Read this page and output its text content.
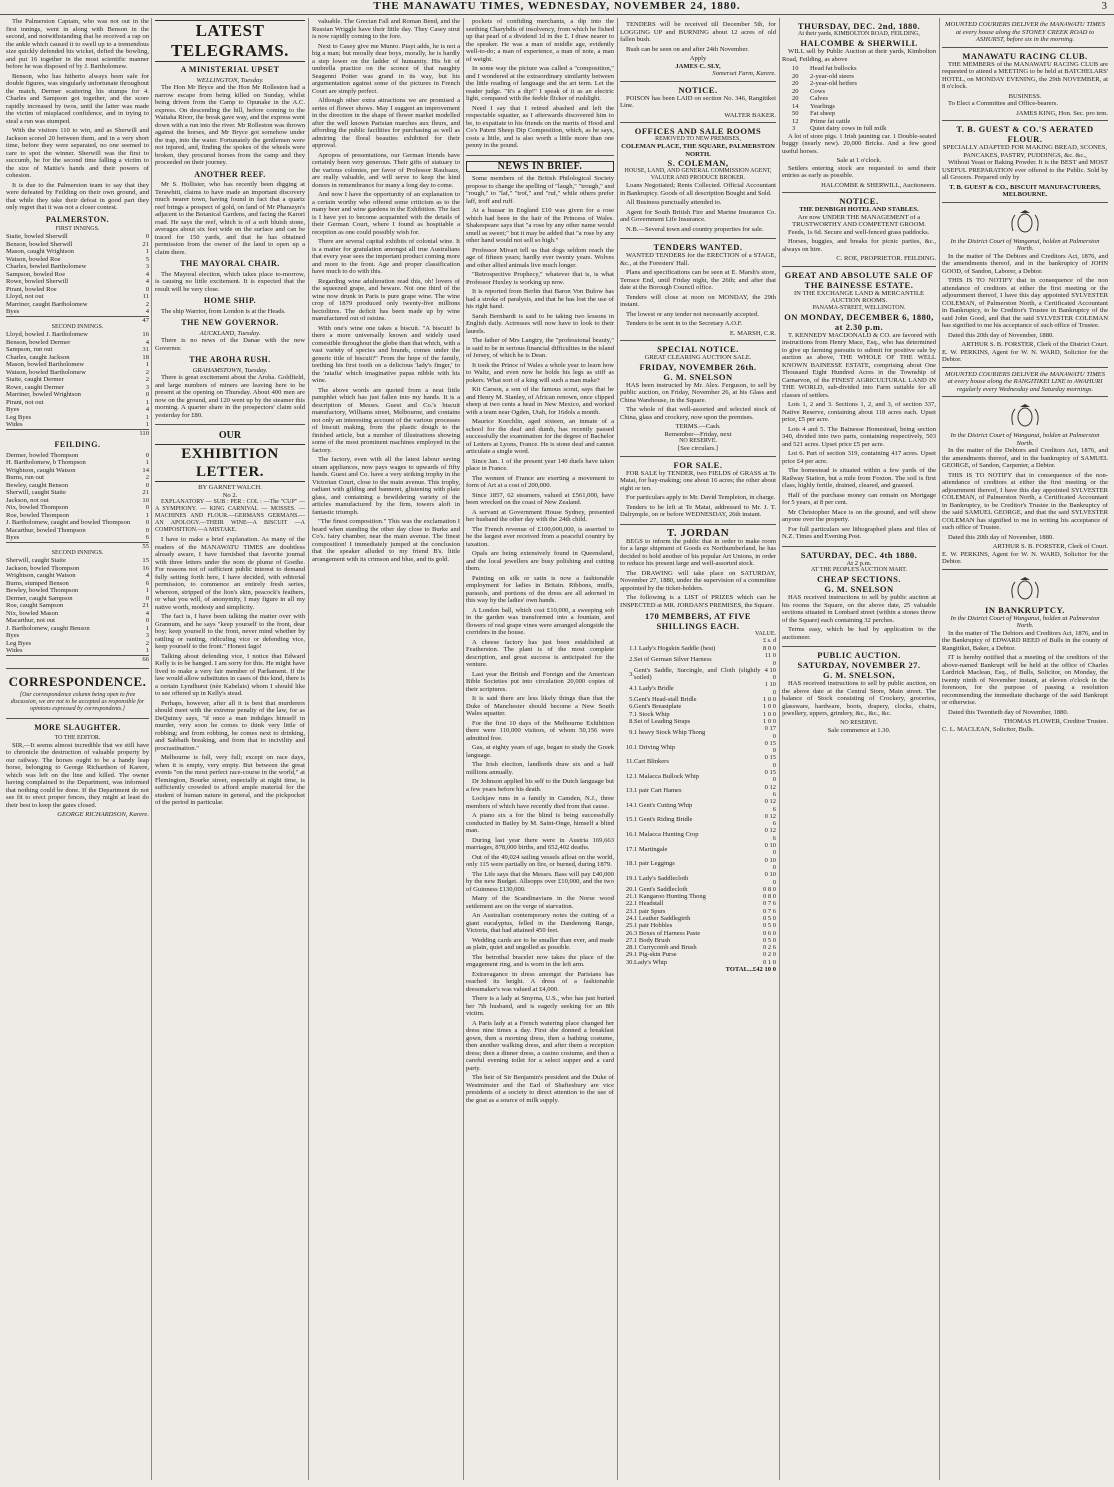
THE MANAWATU TIMES, WEDNESDAY, NOVEMBER 24, 1880.	3

The Palmerston Captain, who was not out in the first innings, went in along with Benson in the second, and notwithstanding that he received a rap on the ankle which caused it to swell up to a tremendous size quickly defended his wicket, defied the bowling, and put 16 together in the most scientific manner before he was disposed of by J. Bartholomew.

Benson, who has hitherto always been safe for double figures, was singularly unfortunate throughout the match, Dermer scattering his stumps for 4. Charles and Sampson got together, and the score rapidly increased by twos, until the latter was made the victim of misplaced confidence, and in trying to steal a run was stumped.

With the visitors 110 to win, and as Sherwill and Jackson scored 20 between them, and in a very short time, before they were separated, no one seemed to care to spot the winner. Sherwill was the first to succumb, he for the second time falling a victim to the size of Mattie's hands and their powers of cohesion.

It is due to the Palmerston team to say that they were defeated by Feilding on their own ground, and that while they take their defeat in good part they only regret that it was not a closer contest.

PALMERSTON.
FIRST INNINGS.
Staite, bowled Sherwill	0
Benson, bowled Sherwill	21
Mason, caught Wrightson	1
Watson, bowled Roe	5
Charles, bowled Bartholomew	3
Sampson, bowled Roe	4
Rowe, bowled Sherwill	4
Pirani, bowled Roe	0
Lloyd, not out	11
Marriner, caught Bartholomew	2
Byes	4
47
SECOND INNINGS.
Lloyd, bowled J. Bartholomew	16
Benson, bowled Dermer	4
Sampson, run out	31
Charles, caught Jackson	18
Mason, bowled Bartholomew	1
Watson, bowled Bartholomew	2
Staite, caught Dermer	2
Rowe, caught Dermer	3
Marriner, bowled Wrightson	0
Pirani, not out	1
Byes	4
Leg Byes	1
Wides	1
110
FEILDING.
Dermer, bowled Thompson	0
H. Bartholomew, b Thompson	1
Wrightson, caught Watson	14
Burns, run out	2
Bewley, caught Benson	0
Sherwill, caught Staite	21
Jackson, not out	10
Nix, bowled Thompson	0
Roe, bowled Thompson	1
J. Bartholomew, caught and bowled Thompson	0
Macarthur, bowled Thompson	0
Byes	6
55
SECOND INNINGS.
Sherwill, caught Staite	15
Jackson, bowled Thompson	16
Wrightson, caught Watson	4
Burns, stumped Benson	6
Bewley, bowled Thompson	1
Dermer, caught Sampson	0
Roe, caught Sampson	21
Nix, bowled Mason	4
Macarthur, not out	0
J. Bartholomew, caught Benson	1
Byes	3
Leg Byes	2
Wides	1
66
CORRESPONDENCE.
[Our correspondence column being open to free discussion, we are not to be accepted as responsible for opinions expressed by correspondents.]
MORE SLAUGHTER.
TO THE EDITOR.

SIR,—It seems almost incredible that we still have to chronicle the destruction of valuable property by our railway. The horses ought to be a handy leap horse, belonging to George Richardson of Karere, which was left on the line and killed. The owner having complained to the Department, was informed that nothing could be done. If the Department do not see fit to erect proper fences, they might at least do their best to keep the gates closed.

GEORGE RICHARDSON, Karere.
LATEST TELEGRAMS.
A MINISTERIAL UPSET
WELLINGTON, Tuesday.

The Hon Mr Bryce and the Hon Mr Rolleston had a narrow escape from being killed on Sunday, whilst being driven from the Camp to Opunake in the A.C. express. On descending the hill, before coming to the Waitaha River, the break gave way, and the express went down with a run into the river. Mr Rolleston was thrown against the horses, and Mr Bryce got somehow under the trap, into the water. Fortunately the gentlemen were not injured, and, finding the spokes of the wheels were broken, they procured horses from the camp and they proceeded on their journey.

ANOTHER REEF.

Mr S. Hollister, who has recently been digging at Terawhiti, claims to have made an important discovery much nearer town, having found in fact that a quartz reef brings a prospect of gold, on land of Mr Pharazyn's adjacent to the Botanical Gardens, and facing the Karori road. He says the reef, which is of a soft bluish stone, averages about six feet wide on the surface and can be traced for 150 yards, and that he has obtained permission from the owner of the land to open up a claim there.

THE MAYORAL CHAIR.

The Mayoral election, which takes place to-morrow, is causing no little excitement. It is expected that the result will be very close.

HOME SHIP.

The ship Warrior, from London is at the Heads.

THE NEW GOVERNOR.
AUCKLAND, Tuesday.

There is no news of the Danae with the new Governor.

THE AROHA RUSH.
GRAHAMSTOWN, Tuesday.

There is great excitement about the Aroha. Goldfield, and large numbers of miners are leaving here to be present at the opening on Thursday. About 400 men are now on the ground, and 120 went up by the steamer this morning. A quarter share in the prospectors' claim sold yesterday for £80.

OUR
EXHIBITION LETTER.
BY GARNET WALCH.
No 2.

EXPLANATORY — SUB : PER : COL : —The "CUP" — A SYMPHONY. — KING CARNIVAL — MOSSES. — MACHINES AND FLOUR.—GERMANS GERMANS.—AN APOLOGY.—THEIR WINE—A BISCUIT —A COMPOSITION.—A MISTAKE.

I have to make a brief explanation. As many of the readers of the MANAWATU TIMES are doubtless already aware, I have furnished that favorite journal with three letters under the nom de plume of Goethe. For reasons not of sufficient public interest to demand fully setting forth here, I have decided, with editorial permission, to commence an entirely fresh series, whereon, stripped of the lion's skin, peacock's feathers, or what you will, of anonymity, I may figure in all my native worth, modesty and simplicity.

The fact is, I have been talking the matter over with Grannum, and he says "keep yourself to the front, dear boy; keep yourself to the front, never mind whether by rattling or ranting, ridiculing vice or defending vice, keep yourself to the front." Honest Iago!

Talking about defending vice, I notice that Edward Kelly is to be hanged. I am sorry for this. He might have lived to make a very fair member of Parliament. If the law would allow substitutes in cases of this kind, there is a certain Lyndhurst (née Kabelais) whom I should like to see offered up in Kelly's stead.

Perhaps, however, after all it is best that murderers should meet with the extreme penalty of the law, for as DeQuincy says, "if once a man indulges himself in murder, very soon he comes to think very little of robbing; and from robbing, he comes next to drinking, and Sabbath breaking, and from that to incivility and procrastination."

Melbourne is full, very full; except on race days, when it is empty, very empty. But between the great events "on the most perfect race-course in the world," at Flemington, Bourke street, especially at night time, is sufficiently crowded to afford ample material for the student of human nature in general, and the pickpocket of the period in particular.

valuable. The Grecian Fall and Roman Bend, and the Russian Wriggle have their little day. They Casey strut is now rapidly coming to the fore.

Next to Casey give me Munro. Piayi adds, he is not a big a man; but morally dear boys, morally, he is hardly a step lower on the ladder of humanity. His bit of umbrella practice on the sconce of that naughty Seagenni Potter was grand in its way, but his argumentation against some of the pictures in French Court are simply perfect.

Although other extra attractions we are promised a series of flower shows. May I suggest an improvement in the direction in the shape of flower market modelled after the well known Parisian marches aux fleurs, and affording the public facilities for purchasing as well as admiring the floral beauties exhibited for their approval.

Apropos of presentations, our German friends have certainly been very generous. Their gifts of statuary to the various colonies, per favor of Professor Raulsaux, are really valuable, and will serve to keep the kind donors in remembrance for many a long day to come.

And now I have the opportunity of an explanation to a certain worthy who offered some criticism as to the many beer and wine gardens in the Exhibition. The fact is I have yet to become acquainted with the details of their German Court, where I found as hospitable a reception as one could possibly wish for.

There are several capital exhibits of colonial wine. It is a matter for gratulation amongst all true Australians that every year sees the important product coming more and more to the front. Age and proper classification have much to do with this.

Regarding wine adulteration read this, oh! lovers of the squeezed grape, and beware. Not one third of the wine now drunk in Paris is pure grape wine. The wine crop of 1879 produced only twenty-five millions hectolitres. The deficit has been made up by wine manufactured out of raisins.

With one's wine one takes a biscuit. "A biscuit! Is there a more universally known and widely used comestible throughout the globe than that which, with a vast variety of species and brands, comes under the generic title of biscuit?" From the hope of the family, teething his first tooth on a delicious 'lady's finger,' to the 'ratafia' which imaginative papas nibble with his wine.

The above words are quoted from a neat little pamphlet which has just fallen into my hands. It is a description of Messrs. Guest and Co.'s biscuit manufactory, Williams street, Melbourne, and contains not only an interesting account of the various processes of biscuit making, from the plastic dough to the finished article, but a number of illustrations showing some of the most prominent machines employed in the factory.

The factory, even with all the latest labour saving steam appliances, now pays wages to upwards of fifty hands. Guest and Co. have a very striking trophy in the Victorian Court, close to the main avenue. This trophy, radiant with gilding and banneret, glistening with plate glass, and containing a bewildering variety of the articles manufactured by the firm, towers aloft in fantastic triumph.

"The finest composition." This was the exclamation I heard when standing the other day close to Burke and Co's. fairy chamber, near the main avenue. The finest composition! I immediately jumped at the conclusion that the speaker alluded to my friend B's. little arrangement with its crimson and blue, and its gold.

pockets of confiding merchants, a dip into the seething Charybdis of insolvency, from which he fished up that pearl of a dividend 1d in the £. I draw nearer to the speaker. He was a man of middle age, evidently well-to-do; a man of experience, a man of note, a man of weight.

In some way the picture was called a "composition," and I wondered at the extraordinary similarity between the little reading of language and the art term. Let the reader judge. "It's a dip!" I speak of it as an electric light, compared with the feeble flicker of rushlight.

Need I say that I retired abashed and left the respectable squatter, as I afterwards discovered him to be, to expatiate to his friends on the merits of Hood and Co's Patent Sheep Dip Composition, which, as he says, costs a little, and is also worth a little more than one penny in the pound.

NEWS IN BRIEF.

Some members of the British Philological Society propose to change the spelling of "laugh," "trough," and "rough," to "laf," "trof," and "ruf," while others prefer laff, troff and ruff.

At a bazaar in England £10 was given for a rose which had been in the hair of the Princess of Wales. Shakespeare says that "a rose by any other name would smell as sweet;" but it may be added that "a rose by any other hand would not sell so high."

Professor Mivart tell us that dogs seldom reach the age of fifteen years; hardly ever twenty years. Wolves and other allied animals live much longer.

"Retrospective Prophecy," whatever that is, is what Professor Huxley is working up now.

It is reported from Berlin that Baron Von Bulow has had a stroke of paralysis, and that he has lost the use of his right hand.

Sarah Bernhardt is said to be taking two lessons in English daily. Actresses will now have to look to their laurels.

The father of Mrs Langtry, the "professional beauty," is said to be in serious financial difficulties in the island of Jersey, of which he is Dean.

It took the Prince of Wales a whole year to learn how to Waltz, and even now he holds his legs as stiff as pokers. What sort of a king will such a man make?

Kit Carson, a son of the famous scout, says that he and Henry M. Stanley, of African renown, once clipped sheep at two cents a head in New Mexico, and worked with a team near Ogden, Utah, for 16dols a month.

Maurice Koechlin, aged sixteen, an inmate of a school for the deaf and dumb, has recently passed successfully the examination for the degree of Bachelor of Letters at Lyons, France. He is stone deaf and cannot articulate a single word.

Since Jan. 1 of the present year 140 duels have taken place in France.

The women of France are exerting a movement to form of Art at a cost of 200,000.

Since 1857, 62 steamers, valued at £561,000, have been wrecked on the coast of New Zealand.

A servant at Government House Sydney, presented her husband the other day with the 24th child.

The French revenue of £100,000,000, is asserted to be the largest ever received from a peaceful country by taxation.

Opals are being extensively found in Queensland, and the local jewellers are busy polishing and cutting them.

Painting on silk or satin is now a fashionable employment for ladies in Britain. Ribbons, muffs, parasols, and portions of the dress are all adorned in this way by the ladies' own hands.

A London ball, which cost £10,000, a sweeping sob in the garden was transformed into a fountain, and flowers of real grape vines were arranged alongside the corridors in the house.

A cheese factory has just been established at Featherston. The plant is of the most complete description, and great success is anticipated for the venture.

Last year the British and Foreign and the American Bible Societies put into circulation 20,000 copies of their scriptures.

It is said there are less likely things than that the Duke of Manchester should become a New South Wales squatter.

For the first 10 days of the Melbourne Exhibition there were 110,000 visitors, of whom 50,156 were admitted free.

Gas, at eighty years of age, began to study the Greek language.

The Irish election, landlords draw six and a half millions annually.

Dr Johnson applied his self to the Dutch language but a few years before his death.

Lockjaw runs in a family in Camden, N.J., three members of which have recently died from that cause.

A piano six a for the blind is being successfully conducted in Batley by M. Saint-Onge, himself a blind man.

During last year there were in Austria 169,663 marriages, 878,000 births, and 652,402 deaths.

Out of the 49,024 sailing vessels afloat on the world, only 115 were partially on fire, or burned, during 1879.

The Life says that the Messrs. Bass will pay £40,000 by the new Budget. Allsopps over £10,000, and the two of Guinness £130,000.

Many of the Scandinavians in the Norse wood settlement are on the verge of starvation.

An Australian contemporary notes the cutting of a giant eucalyptus, felled in the Dandenong Range, Victoria, that had attained 450 feet.

Wedding cards are to be smaller than ever, and made as plain, quiet and ungolled as possible.

The betrothal bracelet now takes the place of the engagement ring, and is worn in the left arm.

Extravagance in dress amongst the Parisians has reached its height. A dress of a fashionable dressmaker's was valued at £4,000.

There is a lady at Smyrna, U.S., who has just buried her 7th husband, and is eagerly seeking for an 8th victim.

A Paris lady at a French watering place changed her dress nine times a day. First she donned a breakfast gown, then a morning dress, then a bathing costume, then another walking dress, and after them a reception dress; then a dinner dress, a casino costume, and then a careful evening toilet for a select supper and a card party.

The heir of Sir Benjamin's president and the Duke of Westminster and the Earl of Shaftesbury are vice presidents of a society to direct attention to the use of the goat as a source of milk supply.

TENDERS will be received till December 5th, for LOGGING UP and BURNING about 12 acres of old fallen bush.

Bush can be seen on and after 24th November.

Apply
JAMES C. SLY,
Somerset Farm, Karere.
NOTICE.

POISON has been LAID on section No. 346, Rangitikei Line.

WALTER BAKER.
OFFICES AND SALE ROOMS
REMOVED TO NEW PREMISES,
COLEMAN PLACE, THE SQUARE, PALMERSTON NORTH.
S. COLEMAN,
HOUSE, LAND, AND GENERAL COMMISSION AGENT, VALUER AND PRODUCE BROKER.

Loans Negotiated; Rents Collected. Official Accountant in Bankruptcy. Goods of all description Bought and Sold.

All Business punctually attended to.

Agent for South British Fire and Marine Insurance Co. and Government Life Insurance.

N.B.—Several town and country properties for sale.

TENDERS WANTED.

WANTED TENDERS for the ERECTION of a STAGE, &c., at the Foresters' Hall.

Plans and specifications can be seen at E. Marsh's store, Terrace End, until Friday night, the 26th; and after that date at the Borough Council office.

Tenders will close at noon on MONDAY, the 29th instant.

The lowest or any tender not necessarily accepted.

Tenders to be sent in to the Secretary A.O.F.

E. MARSH, C.R.
SPECIAL NOTICE.
GREAT CLEARING AUCTION SALE.
FRIDAY, NOVEMBER 26th.
G. M. SNELSON

HAS been instructed by Mr. Alex. Ferguson, to sell by public auction, on Friday, November 26, at his Glass and China Warehouse, in the Square.

The whole of that well-assorted and selected stock of China, glass and crockery, now upon the premises.

TERMS.—Cash.
Remember—Friday, next
NO RESERVE.
[See circulars.]
FOR SALE.

FOR SALE by TENDER, two FIELDS of GRASS at Te Matai, for hay-making; one about 16 acres; the other about eight or ten.

For particulars apply to Mr. David Templeton, in charge.

Tenders to be left at Te Matai, addressed to Mr. J. T. Dalrymple, on or before WEDNESDAY, 26th instant.

T. JORDAN

BEGS to inform the public that in order to make room for a large shipment of Goods ex Northumberland, he has decided to hold another of his popular Art Unions, in order to reduce his present large and well-assorted stock.

The DRAWING will take place on SATURDAY, November 27, 1880, under the supervision of a committee appointed by the ticket-holders.

The following is a LIST of PRIZES which can be INSPECTED at MR. JORDAN'S PREMISES, the Square.

170 MEMBERS, AT FIVE SHILLINGS EACH.
VALUE.
£ s. d
1.	1 Lady's Hogskin Saddle (best)	8 0 0
2.	Set of German Silver Harness	11 0 0
3.	Gent's Saddle, Surcingle, and Cloth (slightly soiled)	4 10 0
4.	1 Lady's Bridle	1 10 0
5.	Gent's Head-stall Bridle	1 0 0
6.	Gent's Breastplate	1 0 0
7.	1 Stock Whip	1 0 0
8.	Set of Leading Straps	1 0 0
9.	1 heavy Stock Whip Thong	0 17 0
10.	1 Driving Whip	0 15 0
11.	Cart Blinkers	0 15 0
12.	1 Malacca Bullock Whip	0 15 0
13.	1 pair Cart Hames	0 12 6
14.	1 Gent's Cutting Whip	0 12 6
15.	1 Gent's Riding Bridle	0 12 6
16.	1 Malacca Hunting Crop	0 12 6
17.	1 Martingale	0 10 0
18.	1 pair Leggings	0 10 0
19.	1 Lady's Saddlecloth	0 10 0
20.	1 Gent's Saddlecloth	0 8 0
21.	1 Kangaroo Hunting Thong	0 8 0
22.	1 Headstall	0 7 6
23.	1 pair Spurs	0 7 6
24.	1 Leather Saddlegirth	0 5 0
25.	1 pair Hobbles	0 5 0
26.	3 Boxes of Harness Paste	0 6 0
27.	1 Body Brush	0 5 0
28.	1 Currycomb and Brush	0 2 6
29.	1 Pig-skin Purse	0 2 0
30.	Lady's Whip	0 1 0
TOTAL...£42 10 0
THURSDAY, DEC. 2nd, 1880.
At their yards, KIMBOLTON ROAD, FEILDING,
HALCOMBE & SHERWILL

WILL sell by Public Auction at their yards, Kimbolton Road, Feilding, as above

10 Head fat bullocks
20 2-year-old steers
20 2-year-old heifers
20 Cows
20 Calves
14 Yearlings
50 Fat sheep
12 Prime fat cattle
3 Quiet dairy cows in full milk

A lot of store pigs. 1 Irish jaunting car. 1 Double-seated buggy (nearly new). 20,000 Bricks. And a few good useful horses.

Sale at 1 o'clock.

Settlers entering stock are requested to send their entries as early as possible.

HALCOMBE & SHERWILL, Auctioneers.
NOTICE.
THE DENBIGH HOTEL AND STABLES.
Are now UNDER THE MANAGEMENT of a TRUSTWORTHY AND COMPETENT GROOM.

Feeds, 1s 6d. Secure and well-fenced grass paddocks.

Horses, buggies, and breaks for picnic parties, &c., always on hire.

C. ROE, PROPRIETOR. FEILDING.
GREAT AND ABSOLUTE SALE OF THE BAINESSE ESTATE.
IN THE EXCHANGE LAND & MERCANTILE AUCTION ROOMS.
PANAMA-STREET, WELLINGTON.
ON MONDAY, DECEMBER 6, 1880, at 2.30 p.m.

T. KENNEDY MACDONALD & CO. are favored with instructions from Henry Mace, Esq., who has determined to give up farming pursuits to submit for positive sale by auction as above, THE WHOLE OF THE WELL KNOWN BAINESSE ESTATE, comprising about One Thousand Eight Hundred Acres in the Township of Carnarvon, of the FINEST AGRICULTURAL LAND IN THE WORLD, sub-divided into Farm suitable for all classes of settlers.

Lots 1, 2 and 3. Sections 1, 2, and 3, of section 337, Native Reserve, containing about 118 acres each. Upset price, £5 per acre.

Lots 4 and 5. The Bainesse Homestead, being section 340, divided into two parts, containing respectively, 503 and 521 acres. Upset price £5 per acre.

Lot 6. Part of section 319, containing 417 acres. Upset price £4 per acre.

The homestead is situated within a few yards of the Railway Station, but a mile from Foxton. The soil is first class, highly fertile, drained, cleared, and grassed.

Half of the purchase money can remain on Mortgage for 5 years, at 8 per cent.

Mr Christopher Mace is on the ground, and will show anyone over the property.

For full particulars see lithographed plans and files of N.Z. Times and Evening Post.

SATURDAY, DEC. 4th 1880.
At 2 p.m.
AT THE PEOPLE'S AUCTION MART.
CHEAP SECTIONS.
G. M. SNELSON

HAS received instructions to sell by public auction at his rooms the Square, on the above date, 25 valuable sections situated in Lombard street (within a stones throw of the Square) each containing 32 perches.

Terms easy, which be had by application to the auctioneer.

PUBLIC AUCTION.
SATURDAY, NOVEMBER 27.
G. M. SNELSON,

HAS received instructions to sell by public auction, on the above date at the Central Store, Main street. The balance of Stock consisting of Crockery, groceries, glassware, hardware, boots, drapery, clocks, chairs, jewellery, uppers, grindery, &c., &c., &c.

NO RESERVE.
Sale commence at 1.30.
MOUNTED COURIERS DELIVER the MANAWATU TIMES at every house along the STONEY CREEK ROAD to ASHURST, before six in the morning.
MANAWATU RACING CLUB.

THE MEMBERS of the MANAWATU RACING CLUB are requested to attend a MEETING to be held at BATCHELARS' HOTEL, on MONDAY EVENING, the 29th NOVEMBER, at 8 o'clock.

BUSINESS.

To Elect a Committee and Office-bearers.

JAMES KING, Hon. Sec. pro tem.
T. B. GUEST & CO.'S AERATED FLOUR.
SPECIALLY ADAPTED FOR MAKING BREAD, SCONES, PANCAKES, PASTRY, PUDDINGS, &c. &c.,

Without Yeast or Baking Powder. It is the BEST and MOST USEFUL PREPARATION ever offered to the Public. Sold by all Grocers. Prepared only by

T. B. GUEST & CO., BISCUIT MANUFACTURERS, MELBOURNE.
In the District Court of Wanganui, holden at Palmerston North.

In the matter of The Debtors and Creditors Act, 1876, and the amendments thereof, and in the bankruptcy of JOHN GOOD, of Sandon, Laborer, a Debtor.

THIS IS TO NOTIFY that in consequence of the non attendance of creditors at either the first meeting or the adjournment thereof, I have this day appointed SYLVESTER COLEMAN, of Palmerston North, a Certificated Accountant in Bankruptcy, to be Creditor's Trustee in Bankruptcy of the said John Good, and that the said SYLVESTER COLEMAN has signified to me his acceptance of such office of Trustee.

Dated this 20th day of November, 1880.

ARTHUR S. B. FORSTER, Clerk of the District Court.
E. W. PERKINS, Agent for W. N. WARD, Solicitor for the Debtor.
MOUNTED COURIERS DELIVER the MANAWATU TIMES at every house along the RANGITIKEI LINE to AWAHURI regularly every Wednesday and Saturday mornings.
In the District Court of Wanganui, holden at Palmerston North.

In the matter of the Debtors and Creditors Act, 1876, and the amendments thereof, and in the bankruptcy of SAMUEL GEORGE, of Sandon, Carpenter, a Debtor.

THIS IS TO NOTIFY that in consequence of the non-attendance of creditors at either the first meeting or the adjournment thereof, I have this day appointed SYLVESTER COLEMAN, of Palmerston North, a Certificated Accountant in Bankruptcy, to be Creditor's Trustee in the Bankruptcy of the said SAMUEL GEORGE, and that the said SYLVESTER COLEMAN has signified to me in writing his acceptance of such office of Trustee.

Dated this 20th day of November, 1880.

ARTHUR S. B. FORSTER, Clerk of Court.
E. W. PERKINS, Agent for W. N. WARD, Solicitor for the Debtor.
IN BANKRUPTCY.
In the District Court of Wanganui, holden at Palmerston North.

In the matter of The Debtors and Creditors Act, 1876, and in the Bankruptcy of EDWARD REED of Bulls in the county of Rangitikei, Baker, a Debtor.

IT is hereby notified that a meeting of the creditors of the above-named Bankrupt will be held at the office of Charles Lardrick Maclean, Esq., of Bulls, Solicitor, on Monday, the twenty ninth of November instant, at eleven o'clock in the forenoon, for the purpose of passing a resolution recommending the immediate discharge of the said Bankrupt or otherwise.

Dated this Twentieth day of November, 1880.

THOMAS FLOWER, Creditor Trustee.
C. L. MACLEAN, Solicitor, Bulls.
